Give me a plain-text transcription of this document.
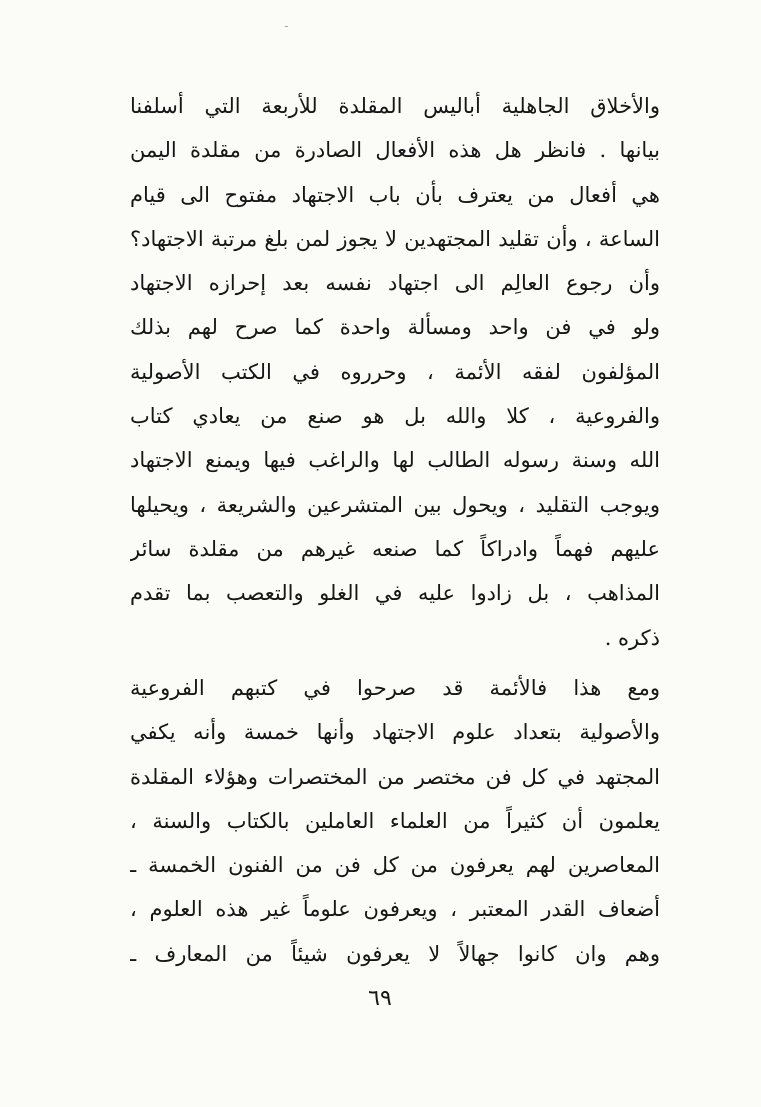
ـ
والأخلاق الجاهلية أباليس المقلدة للأربعة التي أسلفنا
بيانها . فانظر هل هذه الأفعال الصادرة من مقلدة اليمن
هي أفعال من يعترف بأن باب الاجتهاد مفتوح الى قيام
الساعة ، وأن تقليد المجتهدين لا يجوز لمن بلغ مرتبة الاجتهاد؟
وأن رجوع العالِم الى اجتهاد نفسه بعد إحرازه الاجتهاد
ولو في فن واحد ومسألة واحدة كما صرح لهم بذلك
المؤلفون لفقه الأئمة ، وحرروه في الكتب الأصولية
والفروعية ، كلا والله بل هو صنع من يعادي كتاب
الله وسنة رسوله الطالب لها والراغب فيها ويمنع الاجتهاد
ويوجب التقليد ، ويحول بين المتشرعين والشريعة ، ويحيلها
عليهم فهماً وادراكاً كما صنعه غيرهم من مقلدة سائر
المذاهب ، بل زادوا عليه في الغلو والتعصب بما تقدم
ذكره .
ومع هذا فالأئمة قد صرحوا في كتبهم الفروعية
والأصولية بتعداد علوم الاجتهاد وأنها خمسة وأنه يكفي
المجتهد في كل فن مختصر من المختصرات وهؤلاء المقلدة
يعلمون أن كثيراً من العلماء العاملين بالكتاب والسنة ،
المعاصرين لهم يعرفون من كل فن من الفنون الخمسة ـ
أضعاف القدر المعتبر ، ويعرفون علوماً غير هذه العلوم ،
وهم وان كانوا جهالاً لا يعرفون شيئاً من المعارف ـ
٦٩
